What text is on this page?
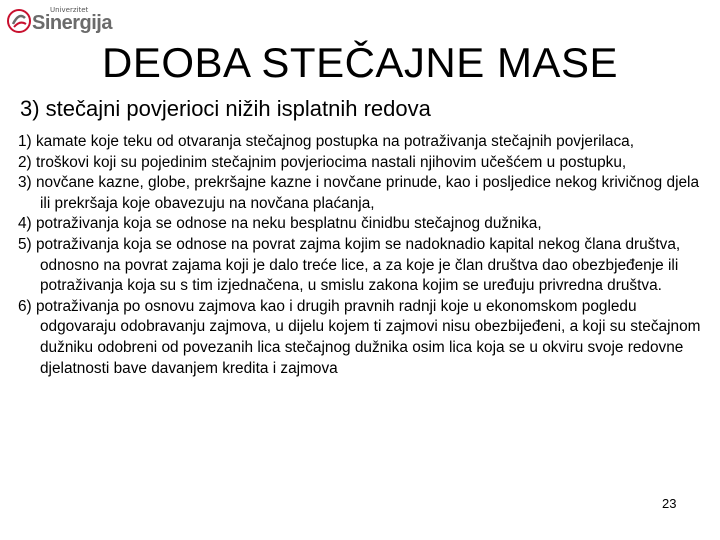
Univerzitet
Sinergija
DEOBA STEČAJNE MASE
3) stečajni povjerioci nižih isplatnih redova
1) kamate koje teku od otvaranja stečajnog postupka na potraživanja stečajnih povjerilaca,
2) troškovi koji su pojedinim stečajnim povjeriocima nastali njihovim učešćem u postupku,
3) novčane kazne, globe, prekršajne kazne i novčane prinude, kao i posljedice nekog krivičnog djela ili prekršaja koje obavezuju na novčana plaćanja,
4) potraživanja koja se odnose na neku besplatnu činidbu stečajnog dužnika,
5) potraživanja koja se odnose na povrat zajma kojim se nadoknadio kapital nekog člana društva, odnosno na povrat zajama koji je dalo treće lice, a za koje je član društva dao obezbjeđenje ili potraživanja koja su s tim izjednačena, u smislu zakona kojim se uređuju privredna društva.
6) potraživanja po osnovu zajmova kao i drugih pravnih radnji koje u ekonomskom pogledu odgovaraju odobravanju zajmova, u dijelu kojem ti zajmovi nisu obezbijeđeni, a koji su stečajnom dužniku odobreni od povezanih lica stečajnog dužnika osim lica koja se u okviru svoje redovne djelatnosti bave davanjem kredita i zajmova
23
